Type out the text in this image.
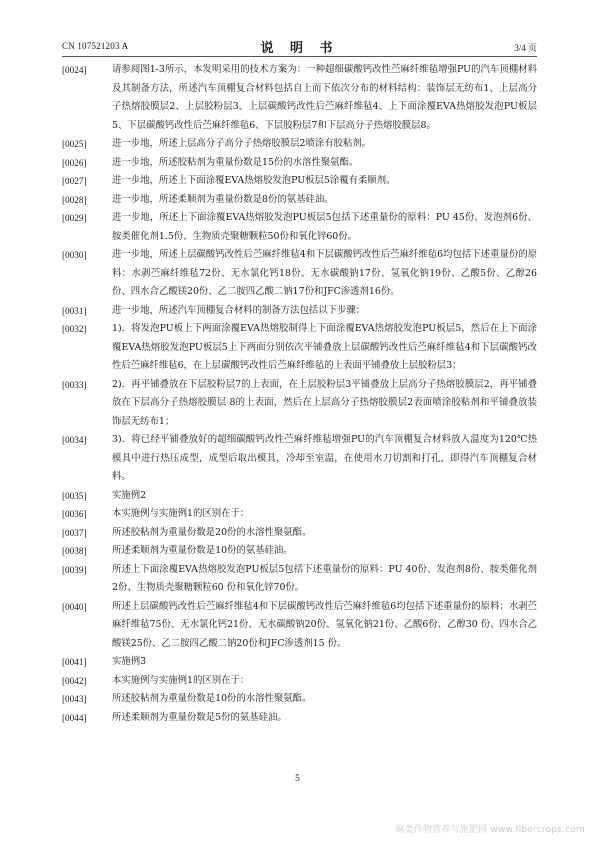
CN 107521203 A	说 明 书	3/4 页
[0024]	请参阅图1-3所示，本发明采用的技术方案为：一种超细碳酸钙改性苎麻纤维毡增强PU的汽车顶棚材料及其制备方法，所述汽车顶棚复合材料包括自上而下依次分布的材料结构：装饰层无纺布1、上层高分子热熔胶膜层2、上层胶粉层3、上层碳酸钙改性后苎麻纤维毡4、上下面涂覆EVA热熔胶发泡PU板层5、下层碳酸钙改性后苎麻纤维毡6、下层胶粉层7和下层高分子热熔胶膜层8。
[0025]	进一步地，所述上层高分子高分子热熔胶膜层2喷涂有胶粘剂。
[0026]	进一步地，所述胶粘剂为重量份数是15份的水溶性聚氨酯。
[0027]	进一步地，所述上下面涂覆EVA热熔胶发泡PU板层5涂覆有柔顺剂。
[0028]	进一步地，所述柔顺剂为重量份数是8份的氨基硅油。
[0029]	进一步地，所述上下面涂覆EVA热熔胶发泡PU板层5包括下述重量份的原料：PU 45份、发泡剂6份、胺类催化剂1.5份、生物质壳聚糖颗粒50份和氧化锌60份。
[0030]	进一步地，所述上层碳酸钙改性后苎麻纤维毡4和下层碳酸钙改性后苎麻纤维毡6均包括下述重量份的原料：水剥苎麻纤维毡72份、无水氯化钙18份、无水碳酸钠17份、氢氧化钠19份、乙酸5份、乙醇26份、四水合乙酸镁20份、乙二胺四乙酸二钠17份和JFC渗透剂16份。
[0031]	进一步地，所述汽车顶棚复合材料的制备方法包括以下步骤：
[0032]	1)．将发泡PU板上下两面涂覆EVA热熔胶制得上下面涂覆EVA热熔胶发泡PU板层5，然后在上下面涂覆EVA热熔胶发泡PU板层5上下两面分别依次平铺叠放上层碳酸钙改性后苎麻纤维毡4和下层碳酸钙改性后苎麻纤维毡6，在上层碳酸钙改性后苎麻纤维毡的上表面平铺叠放上层胶粉层3；
[0033]	2)．再平铺叠放在下层胶粉层7的上表面，在上层胶粉层3平铺叠放上层高分子热熔胶膜层2，再平铺叠放在下层高分子热熔胶膜层 8的上表面，然后在上层高分子热熔胶膜层2表面喷涂胶粘剂和平铺叠放装饰层无纺布1；
[0034]	3)．将已经平铺叠放好的超细碳酸钙改性苎麻纤维毡增强PU的汽车顶棚复合材料放入温度为120℃热模具中进行热压成型，成型后取出模具，冷却至室温，在使用水刀切割和打孔，即得汽车顶棚复合材料。
[0035]	实施例2
[0036]	本实施例与实施例1的区别在于：
[0037]	所述胶粘剂为重量份数是20份的水溶性聚氨酯。
[0038]	所述柔顺剂为重量份数是10份的氨基硅油。
[0039]	所述上下面涂覆EVA热熔胶发泡PU板层5包括下述重量份的原料：PU 40份、发泡剂8份、胺类催化剂2份、生物质壳聚糖颗粒60 份和氧化锌70份。
[0040]	所述上层碳酸钙改性后苎麻纤维毡4和下层碳酸钙改性后苎麻纤维毡6均包括下述重量份的原料：水剥苎麻纤维毡75份、无水氯化钙21份、无水碳酸钠20份、氢氧化钠21份、乙酸6份、乙醇30 份、四水合乙酸镁25份、乙二胺四乙酸二钠20份和JFC渗透剂15 份。
[0041]	实施例3
[0042]	本实施例与实施例1的区别在于：
[0043]	所述胶粘剂为重量份数是10份的水溶性聚氨酯。
[0044]	所述柔顺剂为重量份数是5份的氨基硅油。
5
麻类作物营养与施肥网 www.fibercrops.com
